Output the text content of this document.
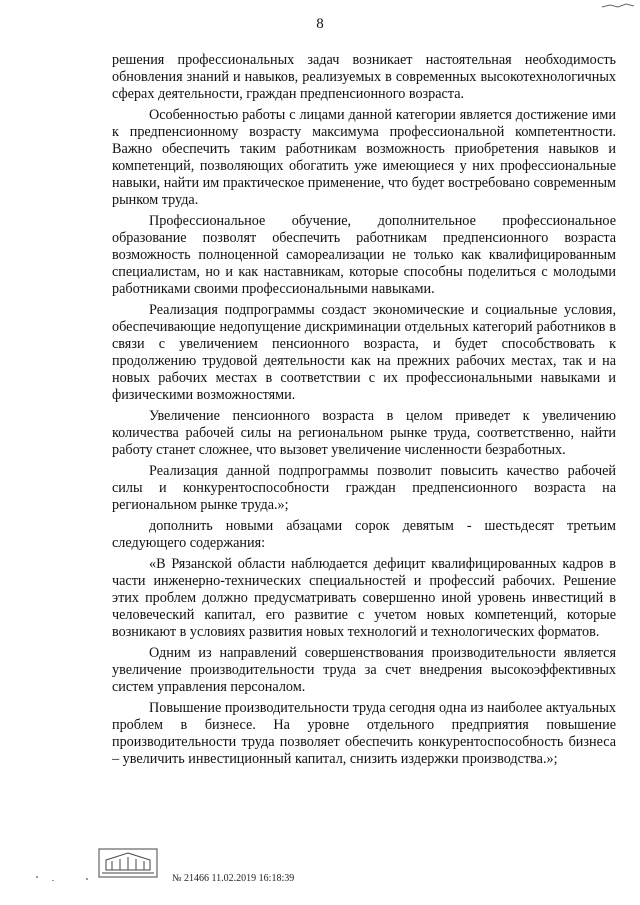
8

решения профессиональных задач возникает настоятельная необходимость обновления знаний и навыков, реализуемых в современных высокотехнологичных сферах деятельности, граждан предпенсионного возраста.

Особенностью работы с лицами данной категории является достижение ими к предпенсионному возрасту максимума профессиональной компетентности. Важно обеспечить таким работникам возможность приобретения навыков и компетенций, позволяющих обогатить уже имеющиеся у них профессиональные навыки, найти им практическое применение, что будет востребовано современным рынком труда.

Профессиональное обучение, дополнительное профессиональное образование позволят обеспечить работникам предпенсионного возраста возможность полноценной самореализации не только как квалифицированным специалистам, но и как наставникам, которые способны поделиться с молодыми работниками своими профессиональными навыками.

Реализация подпрограммы создаст экономические и социальные условия, обеспечивающие недопущение дискриминации отдельных категорий работников в связи с увеличением пенсионного возраста, и будет способствовать к продолжению трудовой деятельности как на прежних рабочих местах, так и на новых рабочих местах в соответствии с их профессиональными навыками и физическими возможностями.

Увеличение пенсионного возраста в целом приведет к увеличению количества рабочей силы на региональном рынке труда, соответственно, найти работу станет сложнее, что вызовет увеличение численности безработных.

Реализация данной подпрограммы позволит повысить качество рабочей силы и конкурентоспособности граждан предпенсионного возраста на региональном рынке труда.»;

дополнить новыми абзацами сорок девятым - шестьдесят третьим следующего содержания:

«В Рязанской области наблюдается дефицит квалифицированных кадров в части инженерно-технических специальностей и профессий рабочих. Решение этих проблем должно предусматривать совершенно иной уровень инвестиций в человеческий капитал, его развитие с учетом новых компетенций, которые возникают в условиях развития новых технологий и технологических форматов.

Одним из направлений совершенствования производительности является увеличение производительности труда за счет внедрения высокоэффективных систем управления персоналом.

Повышение производительности труда сегодня одна из наиболее актуальных проблем в бизнесе. На уровне отдельного предприятия повышение производительности труда позволяет обеспечить конкурентоспособность бизнеса – увеличить инвестиционный капитал, снизить издержки производства.»;

№ 21466 11.02.2019 16:18:39
